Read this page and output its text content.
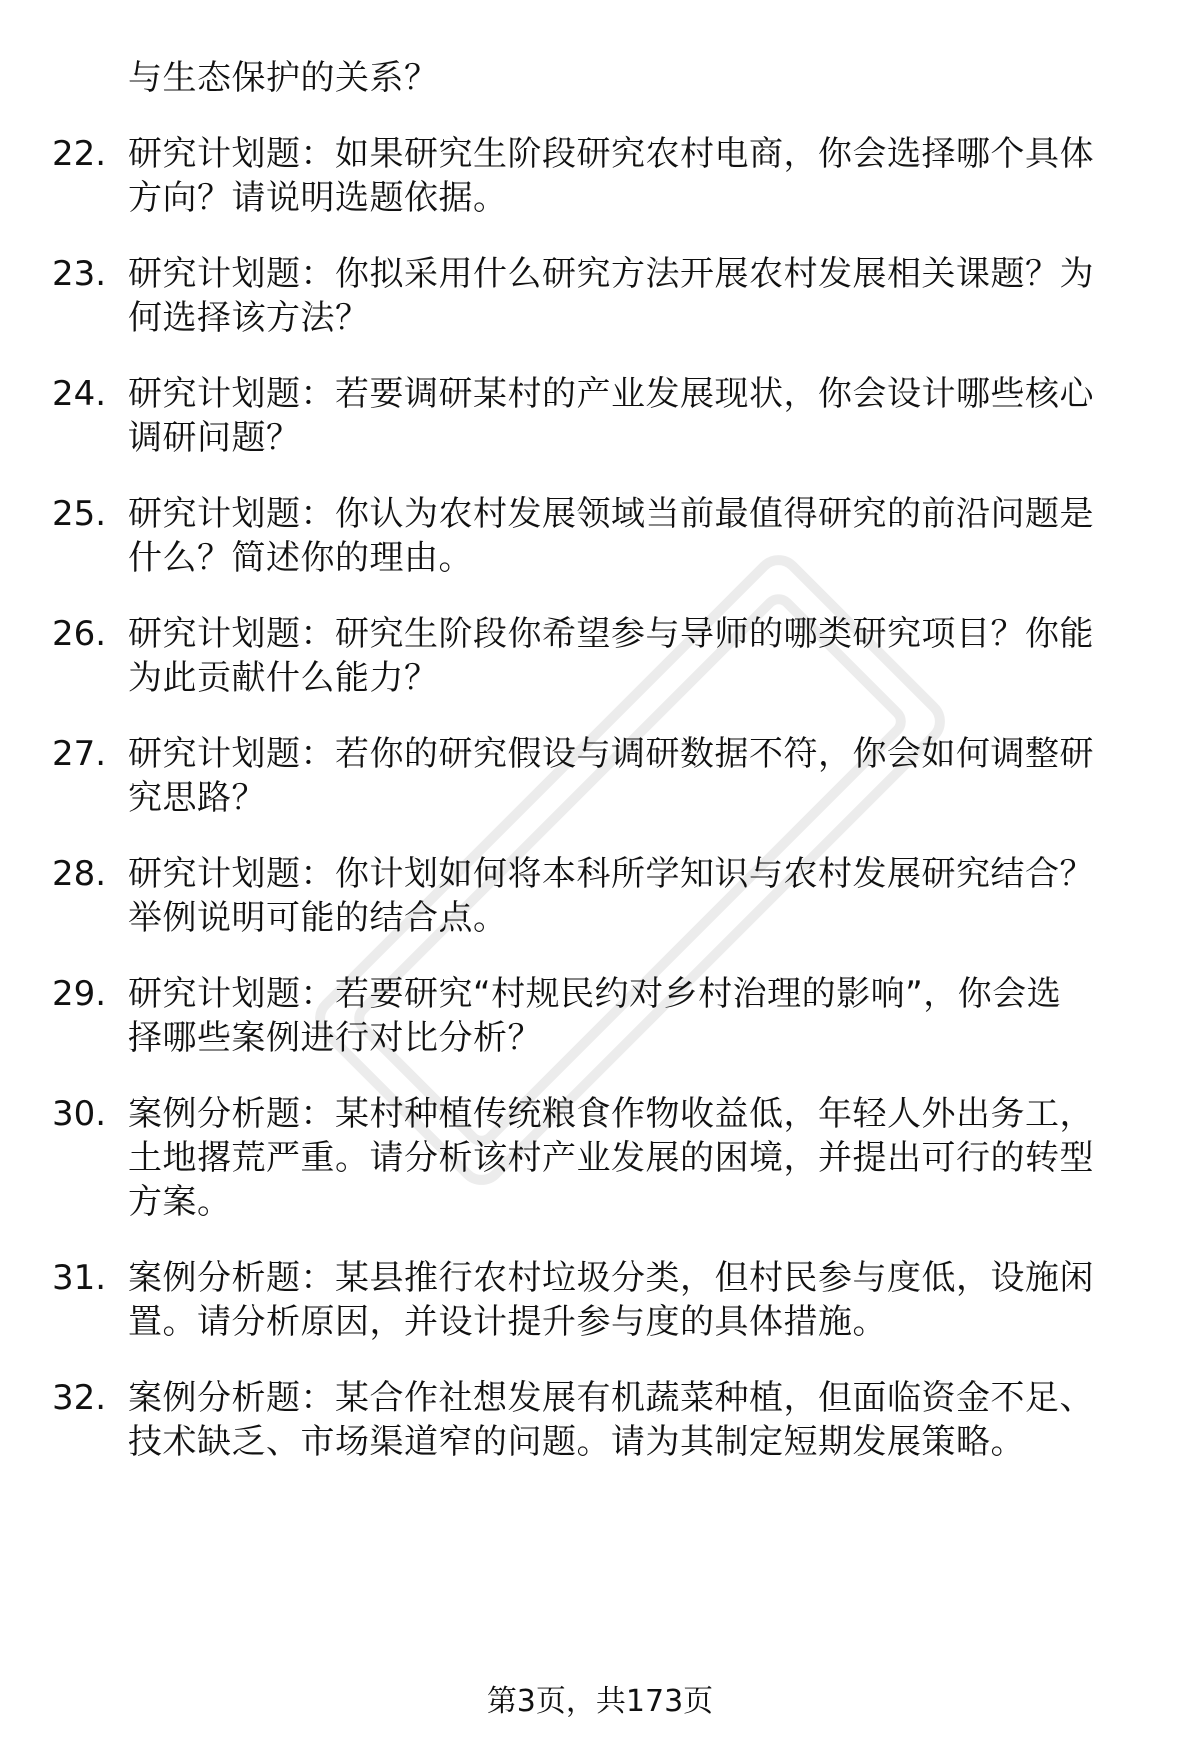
与生态保护的关系？
22. 研究计划题：如果研究生阶段研究农村电商，你会选择哪个具体
方向？请说明选题依据。
23. 研究计划题：你拟采用什么研究方法开展农村发展相关课题？为
何选择该方法？
24. 研究计划题：若要调研某村的产业发展现状，你会设计哪些核心
调研问题？
25. 研究计划题：你认为农村发展领域当前最值得研究的前沿问题是
什么？简述你的理由。
26. 研究计划题：研究生阶段你希望参与导师的哪类研究项目？你能
为此贡献什么能力？
27. 研究计划题：若你的研究假设与调研数据不符，你会如何调整研
究思路？
28. 研究计划题：你计划如何将本科所学知识与农村发展研究结合？
举例说明可能的结合点。
29. 研究计划题：若要研究“村规民约对乡村治理的影响”，你会选
择哪些案例进行对比分析？
30. 案例分析题：某村种植传统粮食作物收益低，年轻人外出务工，
土地撂荒严重。请分析该村产业发展的困境，并提出可行的转型
方案。
31. 案例分析题：某县推行农村垃圾分类，但村民参与度低，设施闲
置。请分析原因，并设计提升参与度的具体措施。
32. 案例分析题：某合作社想发展有机蔬菜种植，但面临资金不足、
技术缺乏、市场渠道窄的问题。请为其制定短期发展策略。
第3页，共173页
